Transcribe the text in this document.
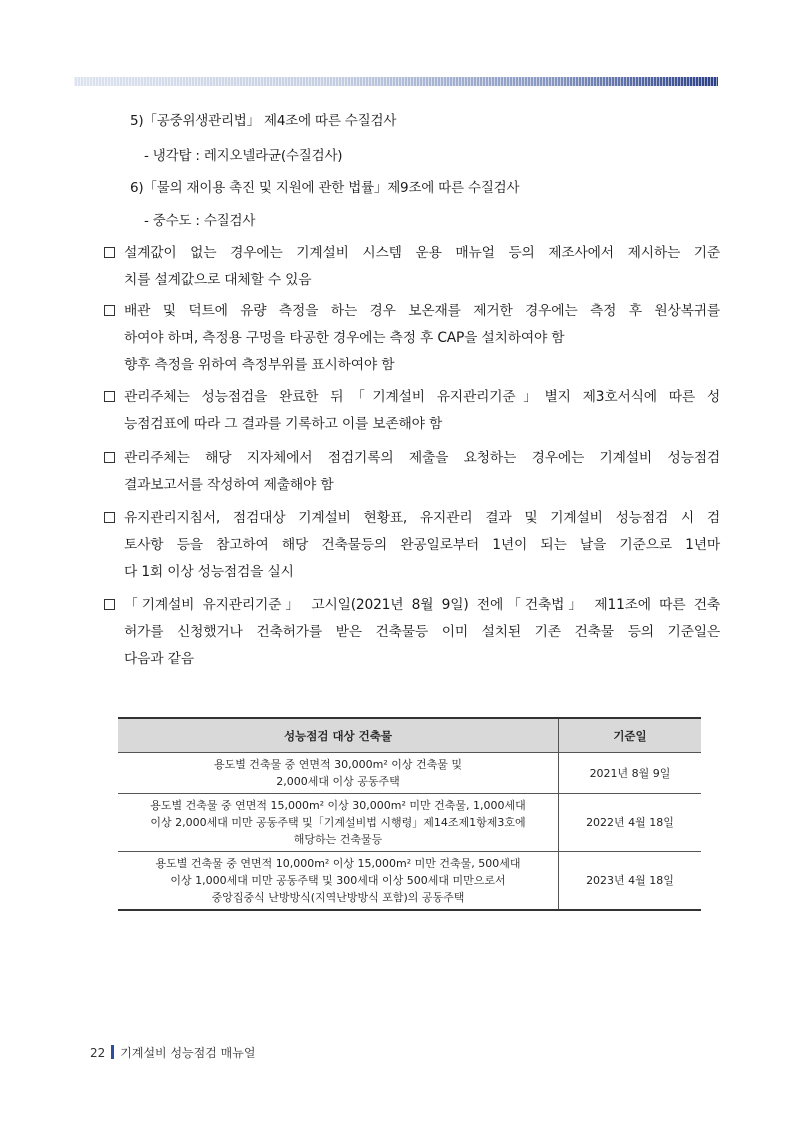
5)「공중위생관리법」 제4조에 따른 수질검사
- 냉각탑 : 레지오넬라균(수질검사)
6)「물의 재이용 촉진 및 지원에 관한 법률」제9조에 따른 수질검사
- 중수도 : 수질검사
설계값이 없는 경우에는 기계설비 시스템 운용 매뉴얼 등의 제조사에서 제시하는 기준
치를 설계값으로 대체할 수 있음
배관 및 덕트에 유량 측정을 하는 경우 보온재를 제거한 경우에는 측정 후 원상복귀를
하여야 하며, 측정용 구멍을 타공한 경우에는 측정 후 CAP을 설치하여야 함
향후 측정을 위하여 측정부위를 표시하여야 함
관리주체는 성능점검을 완료한 뒤「기계설비 유지관리기준」별지 제3호서식에 따른 성
능점검표에 따라 그 결과를 기록하고 이를 보존해야 함
관리주체는 해당 지자체에서 점검기록의 제출을 요청하는 경우에는 기계설비 성능점검
결과보고서를 작성하여 제출해야 함
유지관리지침서, 점검대상 기계설비 현황표, 유지관리 결과 및 기계설비 성능점검 시 검
토사항 등을 참고하여 해당 건축물등의 완공일로부터 1년이 되는 날을 기준으로 1년마
다 1회 이상 성능점검을 실시
「기계설비 유지관리기준」 고시일(2021년 8월 9일) 전에「건축법」 제11조에 따른 건축
허가를 신청했거나 건축허가를 받은 건축물등 이미 설치된 기존 건축물 등의 기준일은
다음과 같음
성능점검 대상 건축물	기준일

용도별 건축물 중 연면적 30,000m² 이상 건축물 및
2,000세대 이상 공동주택	2021년 8월 9일

용도별 건축물 중 연면적 15,000m² 이상 30,000m² 미만 건축물, 1,000세대
이상 2,000세대 미만 공동주택 및「기계설비법 시행령」제14조제1항제3호에
해당하는 건축물등	2022년 4월 18일

용도별 건축물 중 연면적 10,000m² 이상 15,000m² 미만 건축물, 500세대
이상 1,000세대 미만 공동주택 및 300세대 이상 500세대 미만으로서
중앙집중식 난방방식(지역난방방식 포함)의 공동주택	2023년 4월 18일
22 기계설비 성능점검 매뉴얼
